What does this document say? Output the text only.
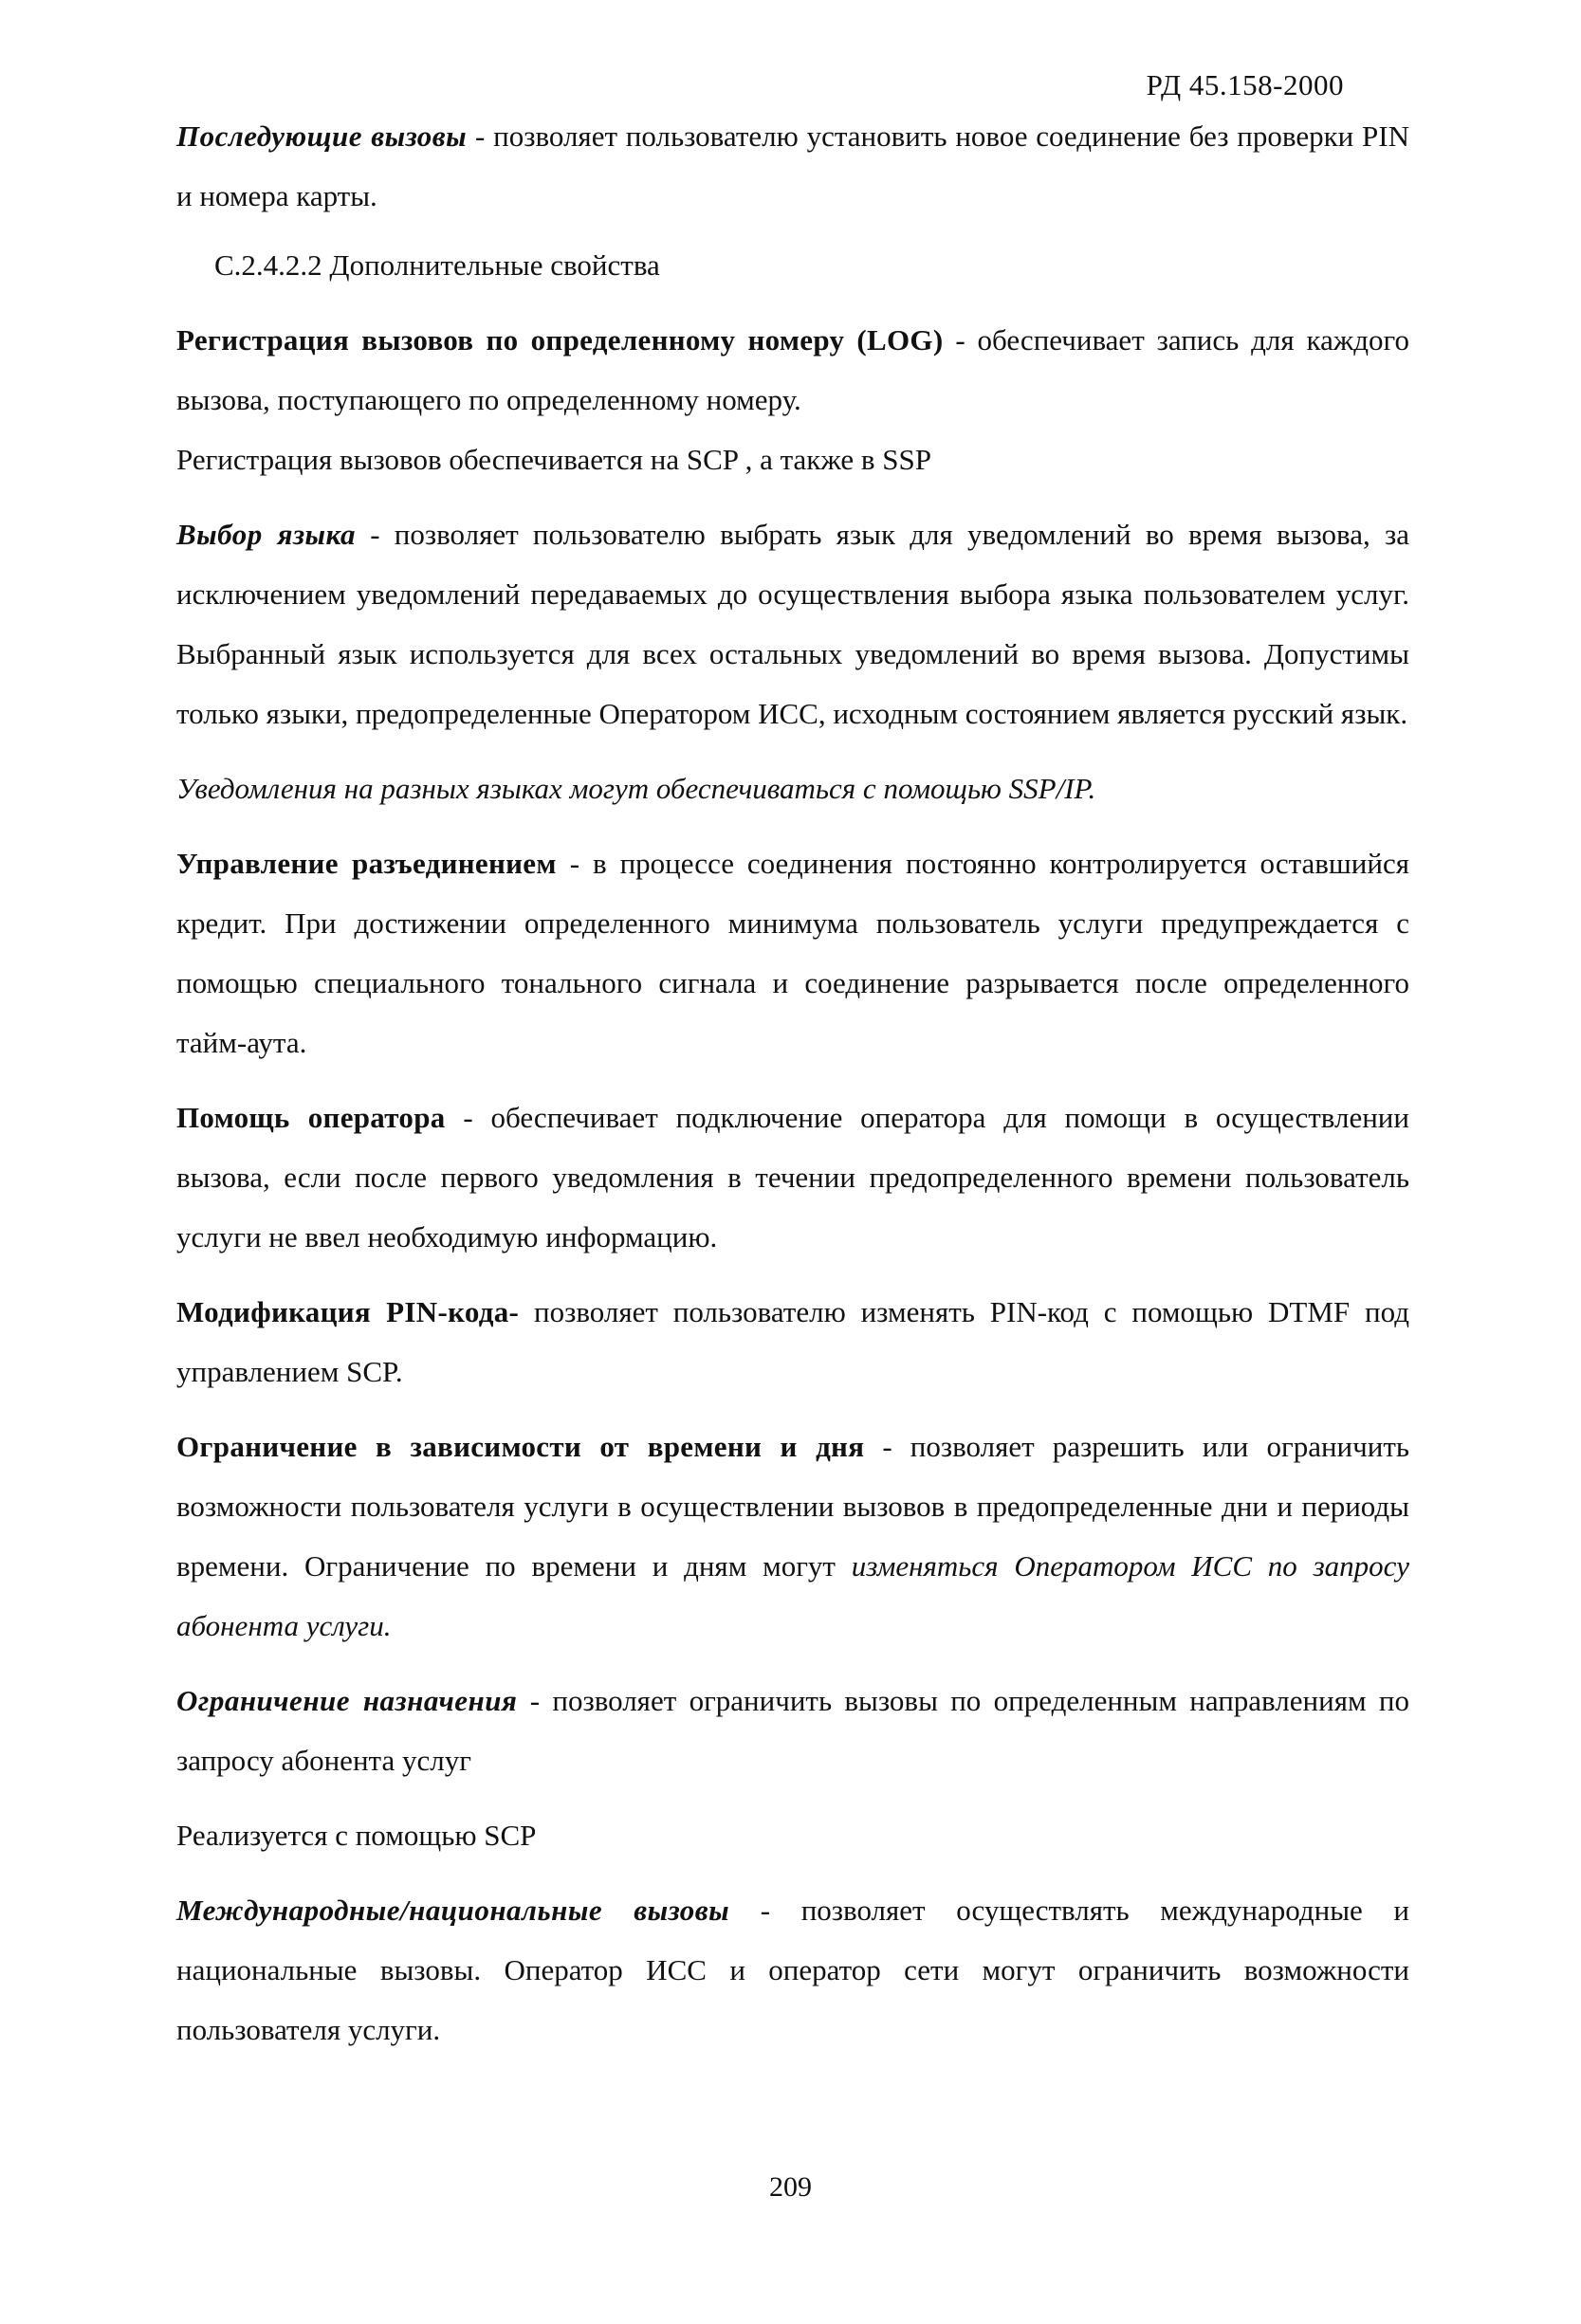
РД 45.158-2000

Последующие вызовы - позволяет пользователю установить новое соединение без проверки PIN и номера карты.

С.2.4.2.2 Дополнительные свойства

Регистрация вызовов по определенному номеру (LOG) - обеспечивает запись для каждого вызова, поступающего по определенному номеру.

Регистрация вызовов обеспечивается на SCP , а также в SSP

Выбор языка - позволяет пользователю выбрать язык для уведомлений во время вызова, за исключением уведомлений передаваемых до осуществления выбора языка пользователем услуг. Выбранный язык используется для всех остальных уведомлений во время вызова. Допустимы только языки, предопределенные Оператором ИСС, исходным состоянием является русский язык.

Уведомления на разных языках могут обеспечиваться с помощью SSP/IP.

Управление разъединением - в процессе соединения постоянно контролируется оставшийся кредит. При достижении определенного минимума пользователь услуги предупреждается с помощью специального тонального сигнала и соединение разрывается после определенного тайм-аута.

Помощь оператора - обеспечивает подключение оператора для помощи в осуществлении вызова, если после первого уведомления в течении предопределенного времени пользователь услуги не ввел необходимую информацию.

Модификация PIN-кода- позволяет пользователю изменять PIN-код с помощью DTMF под управлением SCP.

Ограничение в зависимости от времени и дня - позволяет разрешить или ограничить возможности пользователя услуги в осуществлении вызовов в предопределенные дни и периоды времени. Ограничение по времени и дням могут изменяться Оператором ИСС по запросу абонента услуги.

Ограничение назначения - позволяет ограничить вызовы по определенным направлениям по запросу абонента услуг

Реализуется с помощью SCP

Международные/национальные вызовы - позволяет осуществлять международные и национальные вызовы. Оператор ИСС и оператор сети могут ограничить возможности пользователя услуги.

209
